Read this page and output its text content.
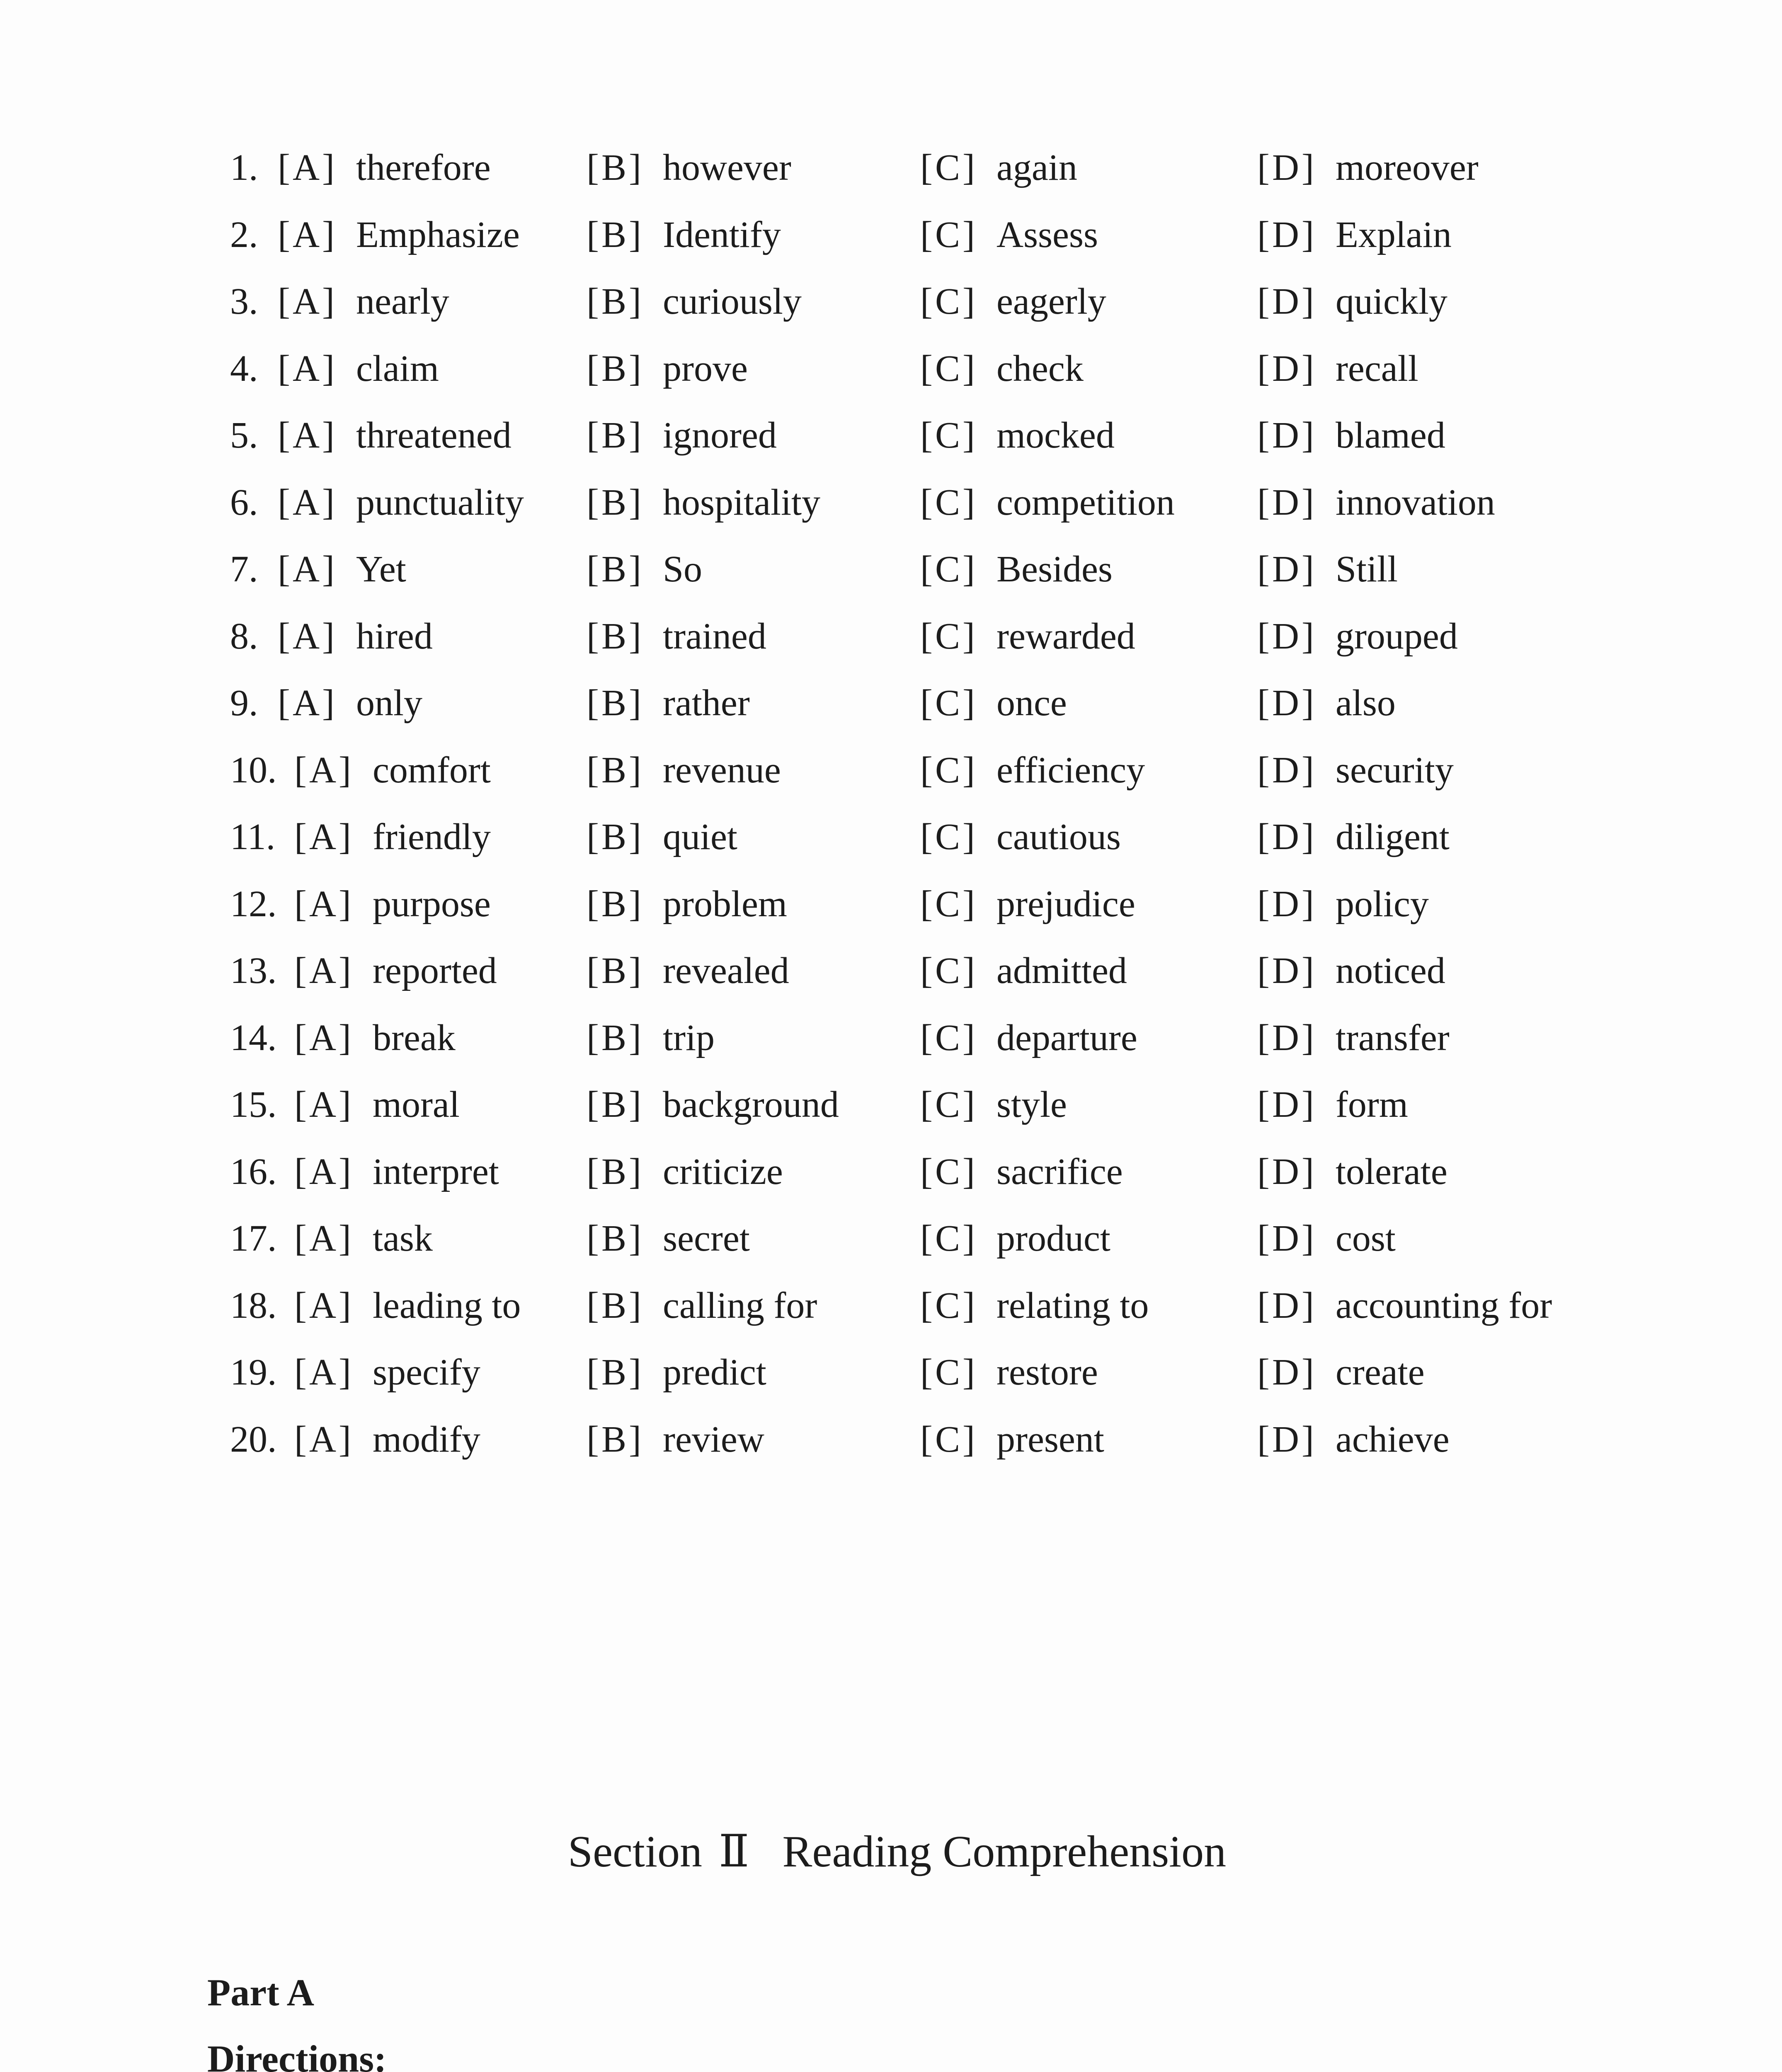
1. [A] therefore	[B] however	[C] again	[D] moreover
2. [A] Emphasize [B] Identify	[C] Assess	[D] Explain
3. [A] nearly	[B] curiously	[C] eagerly	[D] quickly
4. [A] claim	[B] prove	[C] check	[D] recall
5. [A] threatened [B] ignored	[C] mocked	[D] blamed
6. [A] punctuality [B] hospitality	[C] competition [D] innovation
7. [A] Yet	[B] So	[C] Besides	[D] Still
8. [A] hired	[B] trained	[C] rewarded	[D] grouped
9. [A] only	[B] rather	[C] once	[D] also
10. [A] comfort	[B] revenue	[C] efficiency	[D] security
11. [A] friendly	[B] quiet	[C] cautious	[D] diligent
12. [A] purpose	[B] problem	[C] prejudice	[D] policy
13. [A] reported [B] revealed	[C] admitted	[D] noticed
14. [A] break	[B] trip	[C] departure	[D] transfer
15. [A] moral	[B] background [C] style	[D] form
16. [A] interpret [B] criticize	[C] sacrifice	[D] tolerate
17. [A] task	[B] secret	[C] product	[D] cost
18. [A] leading to [B] calling for	[C] relating to	[D] accounting for
19. [A] specify	[B] predict	[C] restore	[D] create
20. [A] modify	[B] review	[C] present	[D] achieve
Section Ⅱ Reading Comprehension
Part A
Directions:
